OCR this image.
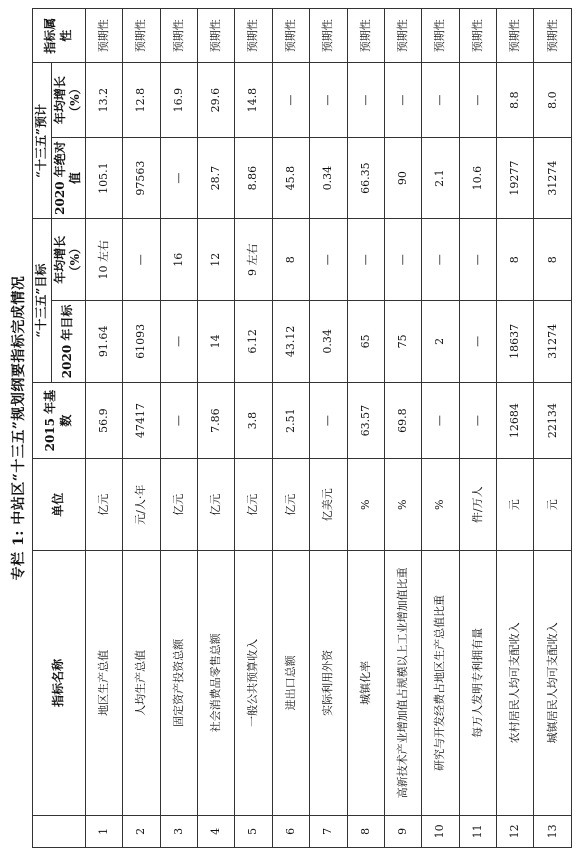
专栏 1: 中站区“十三五”规划纲要指标完成情况
	指标名称	单位	2015 年基数	“十三五”目标		“十三五”预计		指标属性
				2020 年目标	年均增长（%）	2020 年绝对值	年均增长（%）	
1	地区生产总值	亿元	56.9	91.64	10 左右	105.1	13.2	预期性
2	人均生产总值	元/人·年	47417	61093	—	97563	12.8	预期性
3	固定资产投资总额	亿元	—	—	16	—	16.9	预期性
4	社会消费品零售总额	亿元	7.86	14	12	28.7	29.6	预期性
5	一般公共预算收入	亿元	3.8	6.12	9 左右	8.86	14.8	预期性
6	进出口总额	亿元	2.51	43.12	8	45.8	—	预期性
7	实际利用外资	亿美元	—	0.34	—	0.34	—	预期性
8	城镇化率	%	63.57	65	—	66.35	—	预期性
9	高新技术产业增加值占规模以上工业增加值比重	%	69.8	75	—	90	—	预期性
10	研究与开发经费占地区生产总值比重	%	—	2	—	2.1	—	预期性
11	每万人发明专利拥有量	件/万人	—	—	—	10.6	—	预期性
12	农村居民人均可支配收入	元	12684	18637	8	19277	8.8	预期性
13	城镇居民人均可支配收入	元	22134	31274	8	31274	8.0	预期性
